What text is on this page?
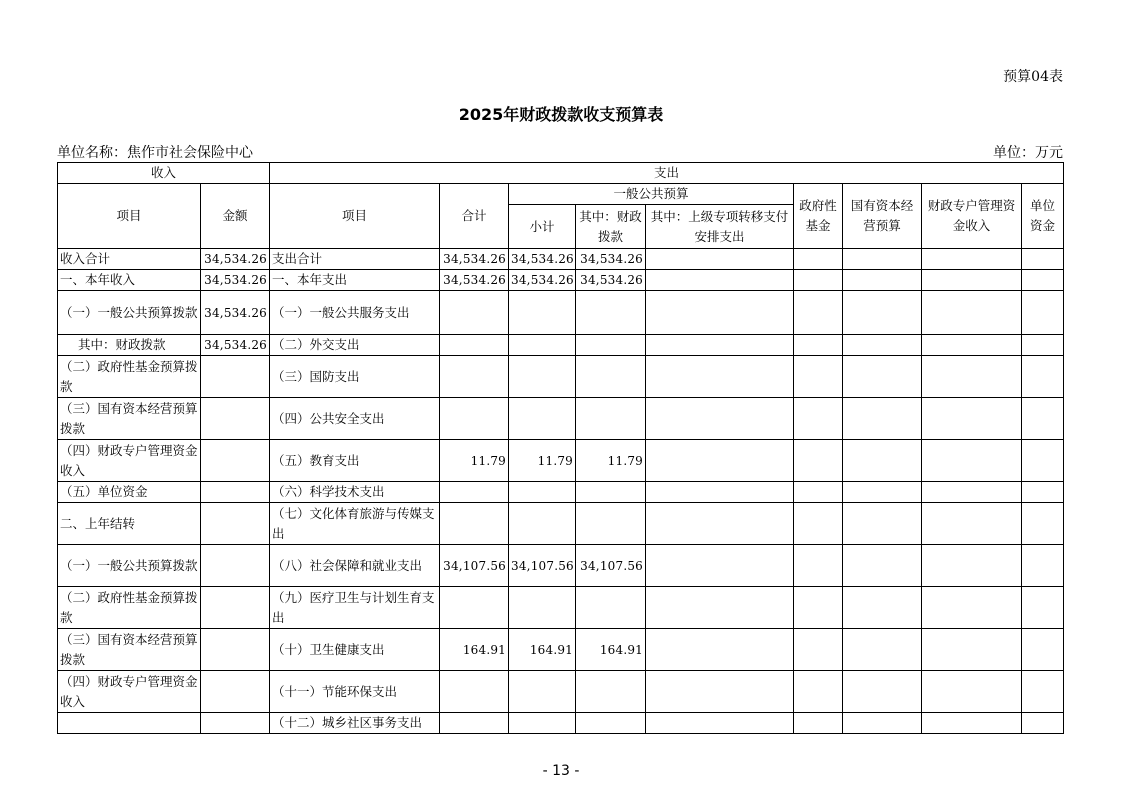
预算04表
2025年财政拨款收支预算表
单位名称：焦作市社会保险中心	单位：万元
收入		支出								
项目	金额	项目	合计	一般公共预算			政府性基金	国有资本经营预算	财政专户管理资金收入	单位资金
				小计	其中：财政拨款	其中：上级专项转移支付安排支出				
收入合计	34,534.26	支出合计	34,534.26	34,534.26	34,534.26					
一、本年收入	34,534.26	一、本年支出	34,534.26	34,534.26	34,534.26					
（一）一般公共预算拨款	34,534.26	（一）一般公共服务支出								
其中：财政拨款	34,534.26	（二）外交支出								
（二）政府性基金预算拨款		（三）国防支出								
（三）国有资本经营预算拨款		（四）公共安全支出								
（四）财政专户管理资金收入		（五）教育支出	11.79	11.79	11.79					
（五）单位资金		（六）科学技术支出								
二、上年结转		（七）文化体育旅游与传媒支出								
（一）一般公共预算拨款		（八）社会保障和就业支出	34,107.56	34,107.56	34,107.56					
（二）政府性基金预算拨款		（九）医疗卫生与计划生育支出								
（三）国有资本经营预算拨款		（十）卫生健康支出	164.91	164.91	164.91					
（四）财政专户管理资金收入		（十一）节能环保支出								
		（十二）城乡社区事务支出								
- 13 -
